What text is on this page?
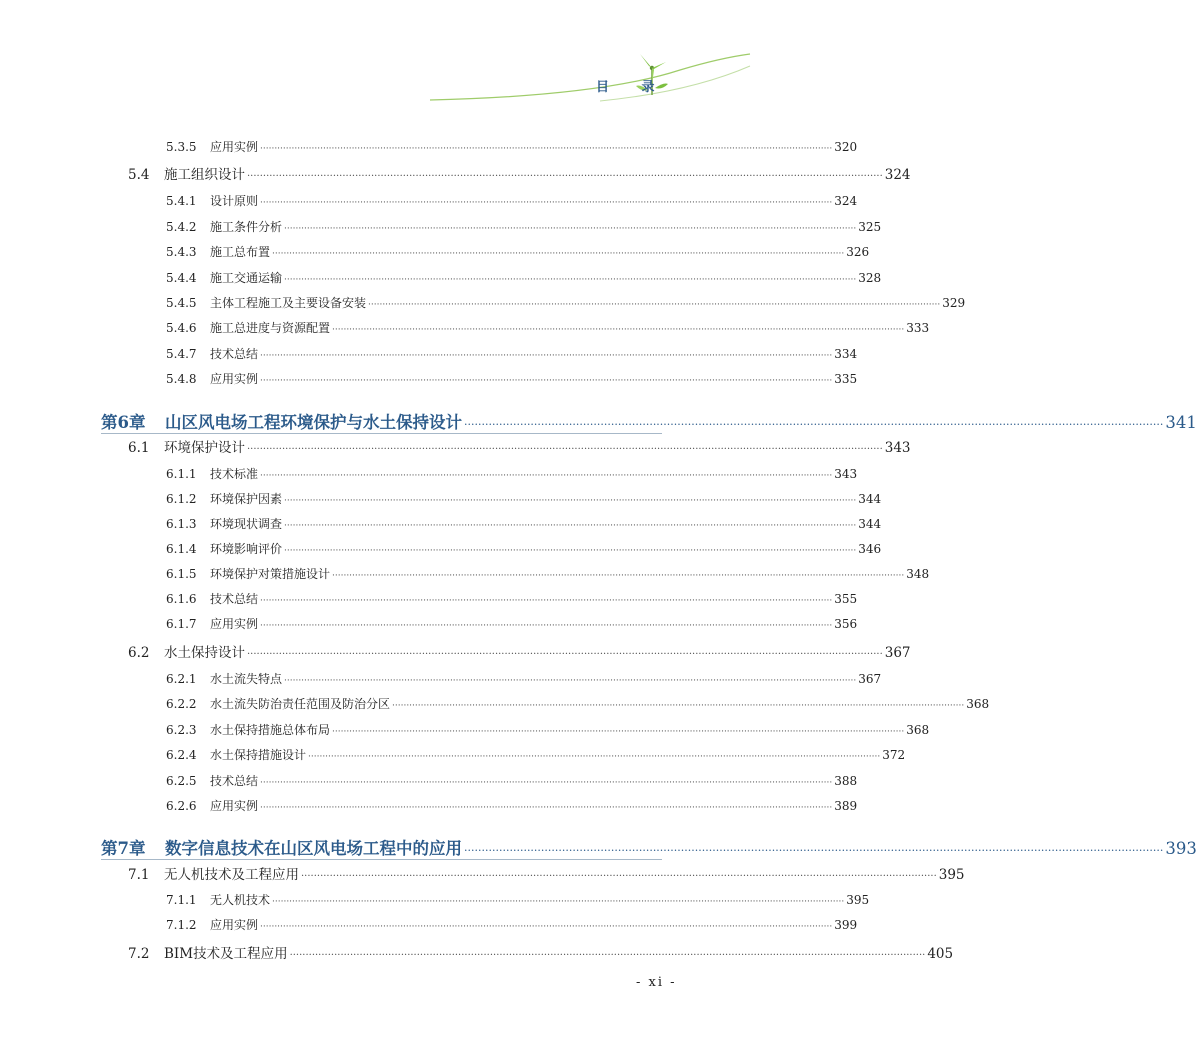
目 录
5.3.5	应用实例 ········································································································································································································ 320
5.4	施工组织设计 ········································································································································································································ 324
5.4.1	设计原则 ········································································································································································································ 324
5.4.2	施工条件分析 ········································································································································································································ 325
5.4.3	施工总布置 ········································································································································································································ 326
5.4.4	施工交通运输 ········································································································································································································ 328
5.4.5	主体工程施工及主要设备安装 ········································································································································································································ 329
5.4.6	施工总进度与资源配置 ········································································································································································································ 333
5.4.7	技术总结 ········································································································································································································ 334
5.4.8	应用实例 ········································································································································································································ 335
第6章	山区风电场工程环境保护与水土保持设计 ········································································································································································································ 341
6.1	环境保护设计 ········································································································································································································ 343
6.1.1	技术标准 ········································································································································································································ 343
6.1.2	环境保护因素 ········································································································································································································ 344
6.1.3	环境现状调查 ········································································································································································································ 344
6.1.4	环境影响评价 ········································································································································································································ 346
6.1.5	环境保护对策措施设计 ········································································································································································································ 348
6.1.6	技术总结 ········································································································································································································ 355
6.1.7	应用实例 ········································································································································································································ 356
6.2	水土保持设计 ········································································································································································································ 367
6.2.1	水土流失特点 ········································································································································································································ 367
6.2.2	水土流失防治责任范围及防治分区 ········································································································································································································ 368
6.2.3	水土保持措施总体布局 ········································································································································································································ 368
6.2.4	水土保持措施设计 ········································································································································································································ 372
6.2.5	技术总结 ········································································································································································································ 388
6.2.6	应用实例 ········································································································································································································ 389
第7章	数字信息技术在山区风电场工程中的应用 ········································································································································································································ 393
7.1	无人机技术及工程应用 ········································································································································································································ 395
7.1.1	无人机技术 ········································································································································································································ 395
7.1.2	应用实例 ········································································································································································································ 399
7.2	BIM技术及工程应用 ········································································································································································································ 405
- xi -
